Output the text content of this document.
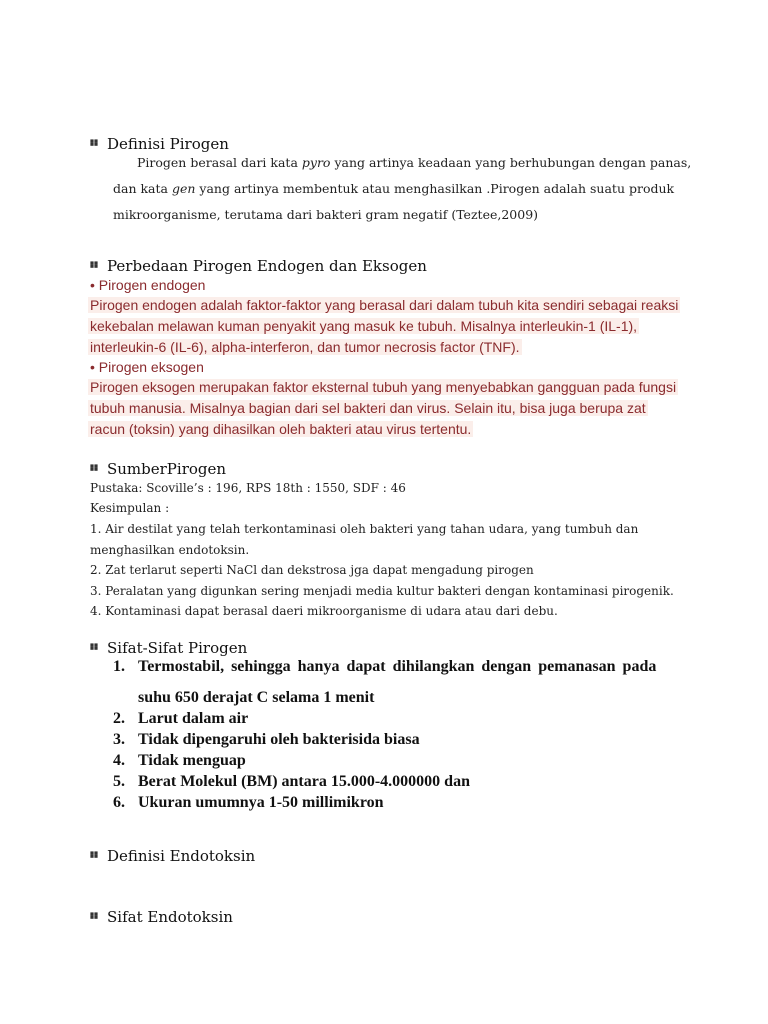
Definisi Pirogen
Pirogen berasal dari kata pyro yang artinya keadaan yang berhubungan dengan panas,
dan kata gen yang artinya membentuk atau menghasilkan .Pirogen adalah suatu produk
mikroorganisme, terutama dari bakteri gram negatif (Teztee,2009)
Perbedaan Pirogen Endogen dan Eksogen
• Pirogen endogen
Pirogen endogen adalah faktor-faktor yang berasal dari dalam tubuh kita sendiri sebagai reaksi
kekebalan melawan kuman penyakit yang masuk ke tubuh. Misalnya interleukin-1 (IL-1),
interleukin-6 (IL-6), alpha-interferon, dan tumor necrosis factor (TNF).
• Pirogen eksogen
Pirogen eksogen merupakan faktor eksternal tubuh yang menyebabkan gangguan pada fungsi
tubuh manusia. Misalnya bagian dari sel bakteri dan virus. Selain itu, bisa juga berupa zat
racun (toksin) yang dihasilkan oleh bakteri atau virus tertentu.
SumberPirogen
Pustaka: Scoville’s : 196, RPS 18th : 1550, SDF : 46
Kesimpulan :
1. Air destilat yang telah terkontaminasi oleh bakteri yang tahan udara, yang tumbuh dan
menghasilkan endotoksin.
2. Zat terlarut seperti NaCl dan dekstrosa jga dapat mengadung pirogen
3. Peralatan yang digunkan sering menjadi media kultur bakteri dengan kontaminasi pirogenik.
4. Kontaminasi dapat berasal daeri mikroorganisme di udara atau dari debu.
Sifat-Sifat Pirogen
1. Termostabil, sehingga hanya dapat dihilangkan dengan pemanasan pada
suhu 650 derajat C selama 1 menit
2. Larut dalam air
3. Tidak dipengaruhi oleh bakterisida biasa
4. Tidak menguap
5. Berat Molekul (BM) antara 15.000-4.000000 dan
6. Ukuran umumnya 1-50 millimikron
Definisi Endotoksin
Sifat Endotoksin
